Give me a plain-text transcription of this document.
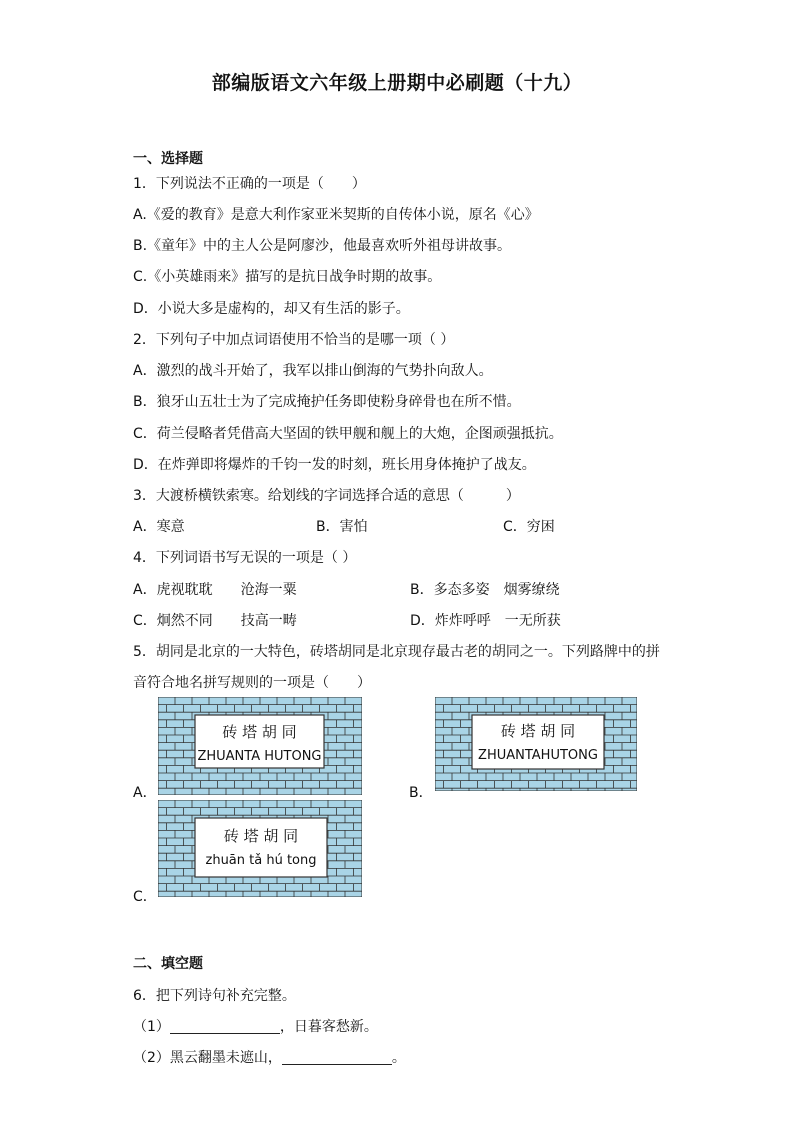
部编版语文六年级上册期中必刷题（十九）
一、选择题
1．下列说法不正确的一项是（　　）
A.《爱的教育》是意大利作家亚米契斯的自传体小说，原名《心》
B.《童年》中的主人公是阿廖沙，他最喜欢听外祖母讲故事。
C.《小英雄雨来》描写的是抗日战争时期的故事。
D．小说大多是虚构的，却又有生活的影子。
2．下列句子中加点词语使用不恰当的是哪一项（ ）
A．激烈的战斗开始了，我军以排山倒海的气势扑向敌人。
B．狼牙山五壮士为了完成掩护任务即使粉身碎骨也在所不惜。
C．荷兰侵略者凭借高大坚固的铁甲舰和舰上的大炮，企图顽强抵抗。
D．在炸弹即将爆炸的千钧一发的时刻，班长用身体掩护了战友。
3．大渡桥横铁索寒。给划线的字词选择合适的意思（　　　）
A．寒意	B．害怕	C．穷困
4．下列词语书写无误的一项是（ ）
A．虎视耽耽　　沧海一粟	B．多态多姿　烟雾缭绕
C．炯然不同　　技高一畴	D．炸炸呼呼　一无所获
5．胡同是北京的一大特色，砖塔胡同是北京现存最古老的胡同之一。下列路牌中的拼
音符合地名拼写规则的一项是（　　）
砖 塔 胡 同
ZHUANTA HUTONG
A．
砖 塔 胡 同
ZHUANTAHUTONG
B．
砖 塔 胡 同
zhuān tǎ hú tong
C．
二、填空题
6．把下列诗句补充完整。
（1）	，日暮客愁新。
（2）黑云翻墨未遮山，	。
